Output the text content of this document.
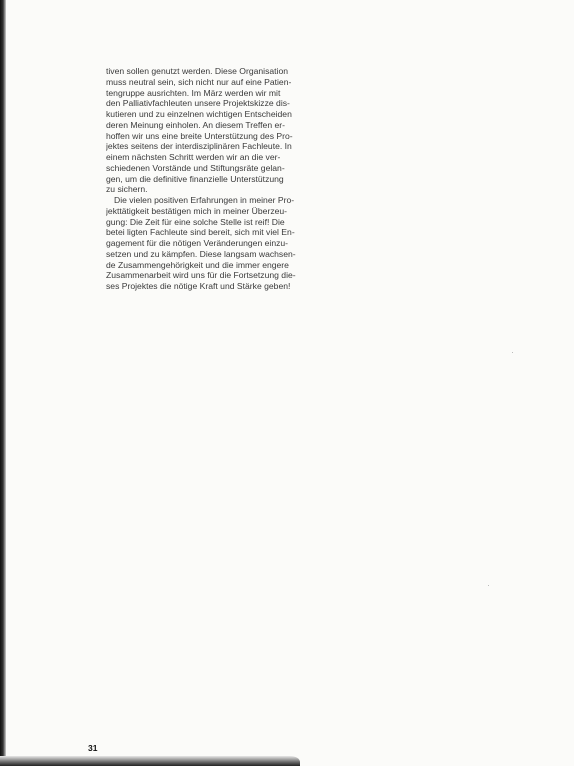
tiven sollen genutzt werden. Diese Organisation
muss neutral sein, sich nicht nur auf eine Patien-
tengruppe ausrichten. Im März werden wir mit
den Palliativfachleuten unsere Projektskizze dis-
kutieren und zu einzelnen wichtigen Entscheiden
deren Meinung einholen. An diesem Treffen er-
hoffen wir uns eine breite Unterstützung des Pro-
jektes seitens der interdisziplinären Fachleute. In
einem nächsten Schritt werden wir an die ver-
schiedenen Vorstände und Stiftungsräte gelan-
gen, um die definitive finanzielle Unterstützung
zu sichern.

Die vielen positiven Erfahrungen in meiner Pro-
jekttätigkeit bestätigen mich in meiner Überzeu-
gung: Die Zeit für eine solche Stelle ist reif! Die
betei ligten Fachleute sind bereit, sich mit viel En-
gagement für die nötigen Veränderungen einzu-
setzen und zu kämpfen. Diese langsam wachsen-
de Zusammengehörigkeit und die immer engere
Zusammenarbeit wird uns für die Fortsetzung die-
ses Projektes die nötige Kraft und Stärke geben!

31
